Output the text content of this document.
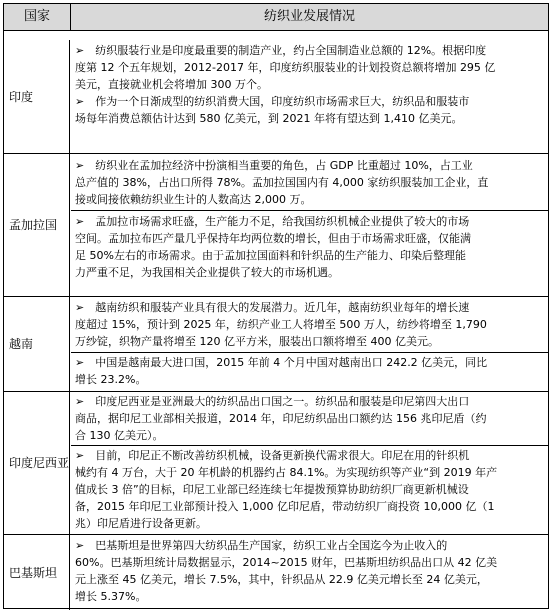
国家	纺织业发展情况
印度
➢　纺织服装行业是印度最重要的制造产业，约占全国制造业总额的 12%。根据印度
度第 12 个五年规划，2012-2017 年，印度纺织服装业的计划投资总额将增加 295 亿
美元，直接就业机会将增加 300 万个。
➢　作为一个日渐成型的纺织消费大国，印度纺织市场需求巨大，纺织品和服装市
场每年消费总额估计达到 580 亿美元，到 2021 年将有望达到 1,410 亿美元。
孟加拉国
➢　纺织业在孟加拉经济中扮演相当重要的角色，占 GDP 比重超过 10%，占工业
总产值的 38%，占出口所得 78%。孟加拉国国内有 4,000 家纺织服装加工企业，直
接或间接依赖纺织业生计的人数高达 2,000 万。
➢　孟加拉市场需求旺盛，生产能力不足，给我国纺织机械企业提供了较大的市场
空间。孟加拉布匹产量几乎保持年均两位数的增长，但由于市场需求旺盛，仅能满
足 50%左右的市场需求。由于孟加拉国面料和针织品的生产能力、印染后整理能
力严重不足，为我国相关企业提供了较大的市场机遇。
越南
➢　越南纺织和服装产业具有很大的发展潜力。近几年，越南纺织业每年的增长速
度超过 15%，预计到 2025 年，纺织产业工人将增至 500 万人，纺纱将增至 1,790
万纱锭，织物产量将增至 120 亿平方米，服装出口额将增至 400 亿美元。
➢　中国是越南最大进口国，2015 年前 4 个月中国对越南出口 242.2 亿美元，同比
增长 23.2%。
印度尼西亚
➢　印度尼西亚是亚洲最大的纺织品出口国之一。纺织品和服装是印尼第四大出口
商品，据印尼工业部相关报道，2014 年，印尼纺织品出口额约达 156 兆印尼盾（约
合 130 亿美元）。
➢　目前，印尼正不断改善纺织机械，设备更新换代需求很大。印尼在用的针织机
械约有 4 万台，大于 20 年机龄的机器约占 84.1%。为实现纺织等产业“到 2019 年产
值成长 3 倍”的目标，印尼工业部已经连续七年提拨预算协助纺织厂商更新机械设
备，2015 年印尼工业部预计投入 1,000 亿印尼盾，带动纺织厂商投资 10,000 亿（1
兆）印尼盾进行设备更新。
巴基斯坦
➢　巴基斯坦是世界第四大纺织品生产国家，纺织工业占全国迄今为止收入的
60%。巴基斯坦统计局数据显示，2014~2015 财年，巴基斯坦纺织品出口从 42 亿美
元上涨至 45 亿美元，增长 7.5%，其中，针织品从 22.9 亿美元增长至 24 亿美元，
增长 5.37%。
